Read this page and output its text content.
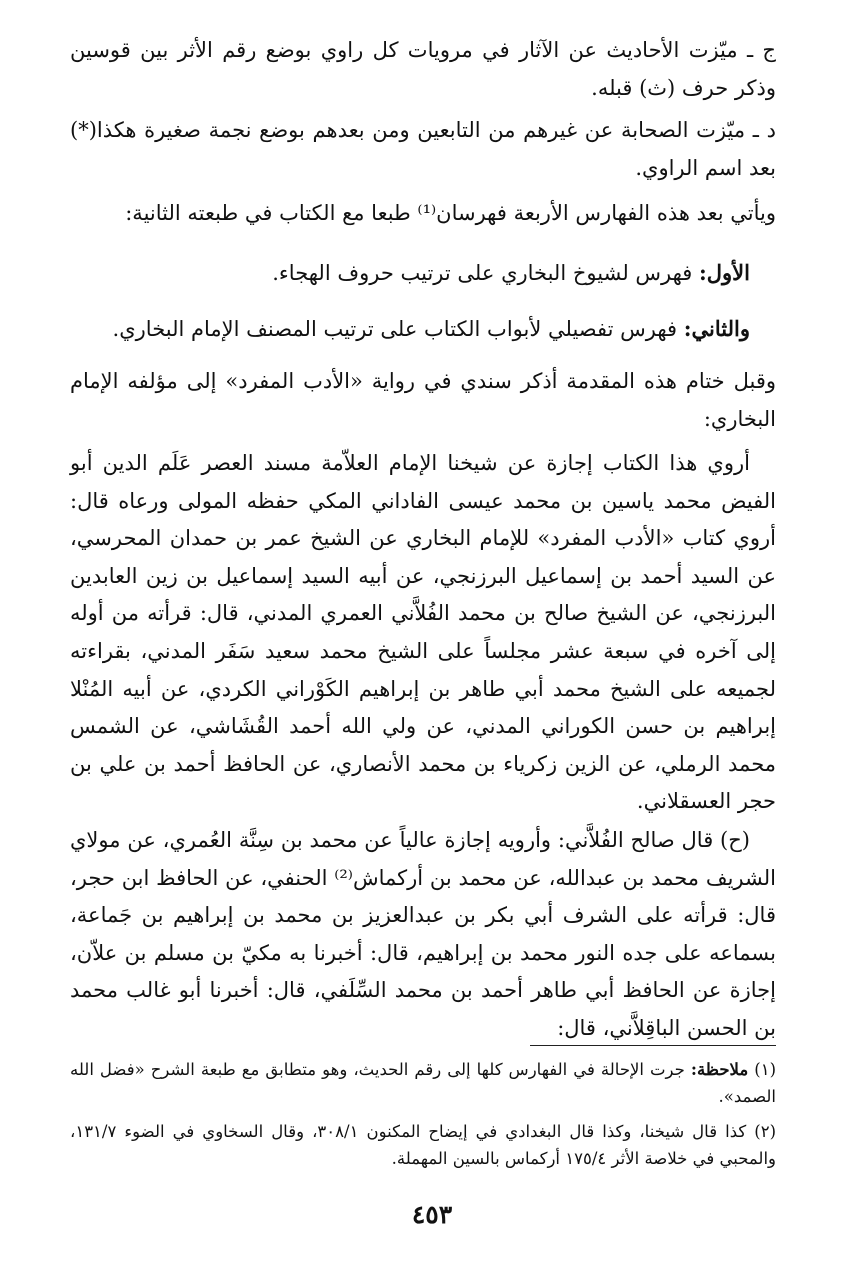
ج ـ ميّزت الأحاديث عن الآثار في مرويات كل راوي بوضع رقم الأثر بين قوسين وذكر حرف (ث) قبله.
د ـ ميّزت الصحابة عن غيرهم من التابعين ومن بعدهم بوضع نجمة صغيرة هكذا(*) بعد اسم الراوي.
ويأتي بعد هذه الفهارس الأربعة فهرسان⁽¹⁾ طبعا مع الكتاب في طبعته الثانية:
الأول: فهرس لشيوخ البخاري على ترتيب حروف الهجاء.
والثاني: فهرس تفصيلي لأبواب الكتاب على ترتيب المصنف الإمام البخاري.
وقبل ختام هذه المقدمة أذكر سندي في رواية «الأدب المفرد» إلى مؤلفه الإمام البخاري:
أروي هذا الكتاب إجازة عن شيخنا الإمام العلاّمة مسند العصر عَلَم الدين أبو الفيض محمد ياسين بن محمد عيسى الفاداني المكي حفظه المولى ورعاه قال: أروي كتاب «الأدب المفرد» للإمام البخاري عن الشيخ عمر بن حمدان المحرسي، عن السيد أحمد بن إسماعيل البرزنجي، عن أبيه السيد إسماعيل بن زين العابدين البرزنجي، عن الشيخ صالح بن محمد الفُلاَّني العمري المدني، قال: قرأته من أوله إلى آخره في سبعة عشر مجلساً على الشيخ محمد سعيد سَفَر المدني، بقراءته لجميعه على الشيخ محمد أبي طاهر بن إبراهيم الكَوْراني الكردي، عن أبيه المُنْلا إبراهيم بن حسن الكوراني المدني، عن ولي الله أحمد القُشَاشي، عن الشمس محمد الرملي، عن الزين زكرياء بن محمد الأنصاري، عن الحافظ أحمد بن علي بن حجر العسقلاني.
(ح) قال صالح الفُلاَّني: وأرويه إجازة عالياً عن محمد بن سِنَّة العُمري، عن مولاي الشريف محمد بن عبدالله، عن محمد بن أركماش⁽²⁾ الحنفي، عن الحافظ ابن حجر، قال: قرأته على الشرف أبي بكر بن عبدالعزيز بن محمد بن إبراهيم بن جَماعة، بسماعه على جده النور محمد بن إبراهيم، قال: أخبرنا به مكيّ بن مسلم بن علاّن، إجازة عن الحافظ أبي طاهر أحمد بن محمد السِّلَفي، قال: أخبرنا أبو غالب محمد بن الحسن الباقِلاَّني، قال:
(١) ملاحظة: جرت الإحالة في الفهارس كلها إلى رقم الحديث، وهو متطابق مع طبعة الشرح «فضل الله الصمد».
(٢) كذا قال شيخنا، وكذا قال البغدادي في إيضاح المكنون ٣٠٨/١، وقال السخاوي في الضوء ١٣١/٧، والمحبي في خلاصة الأثر ١٧٥/٤ أركماس بالسين المهملة.
٤٥٣
